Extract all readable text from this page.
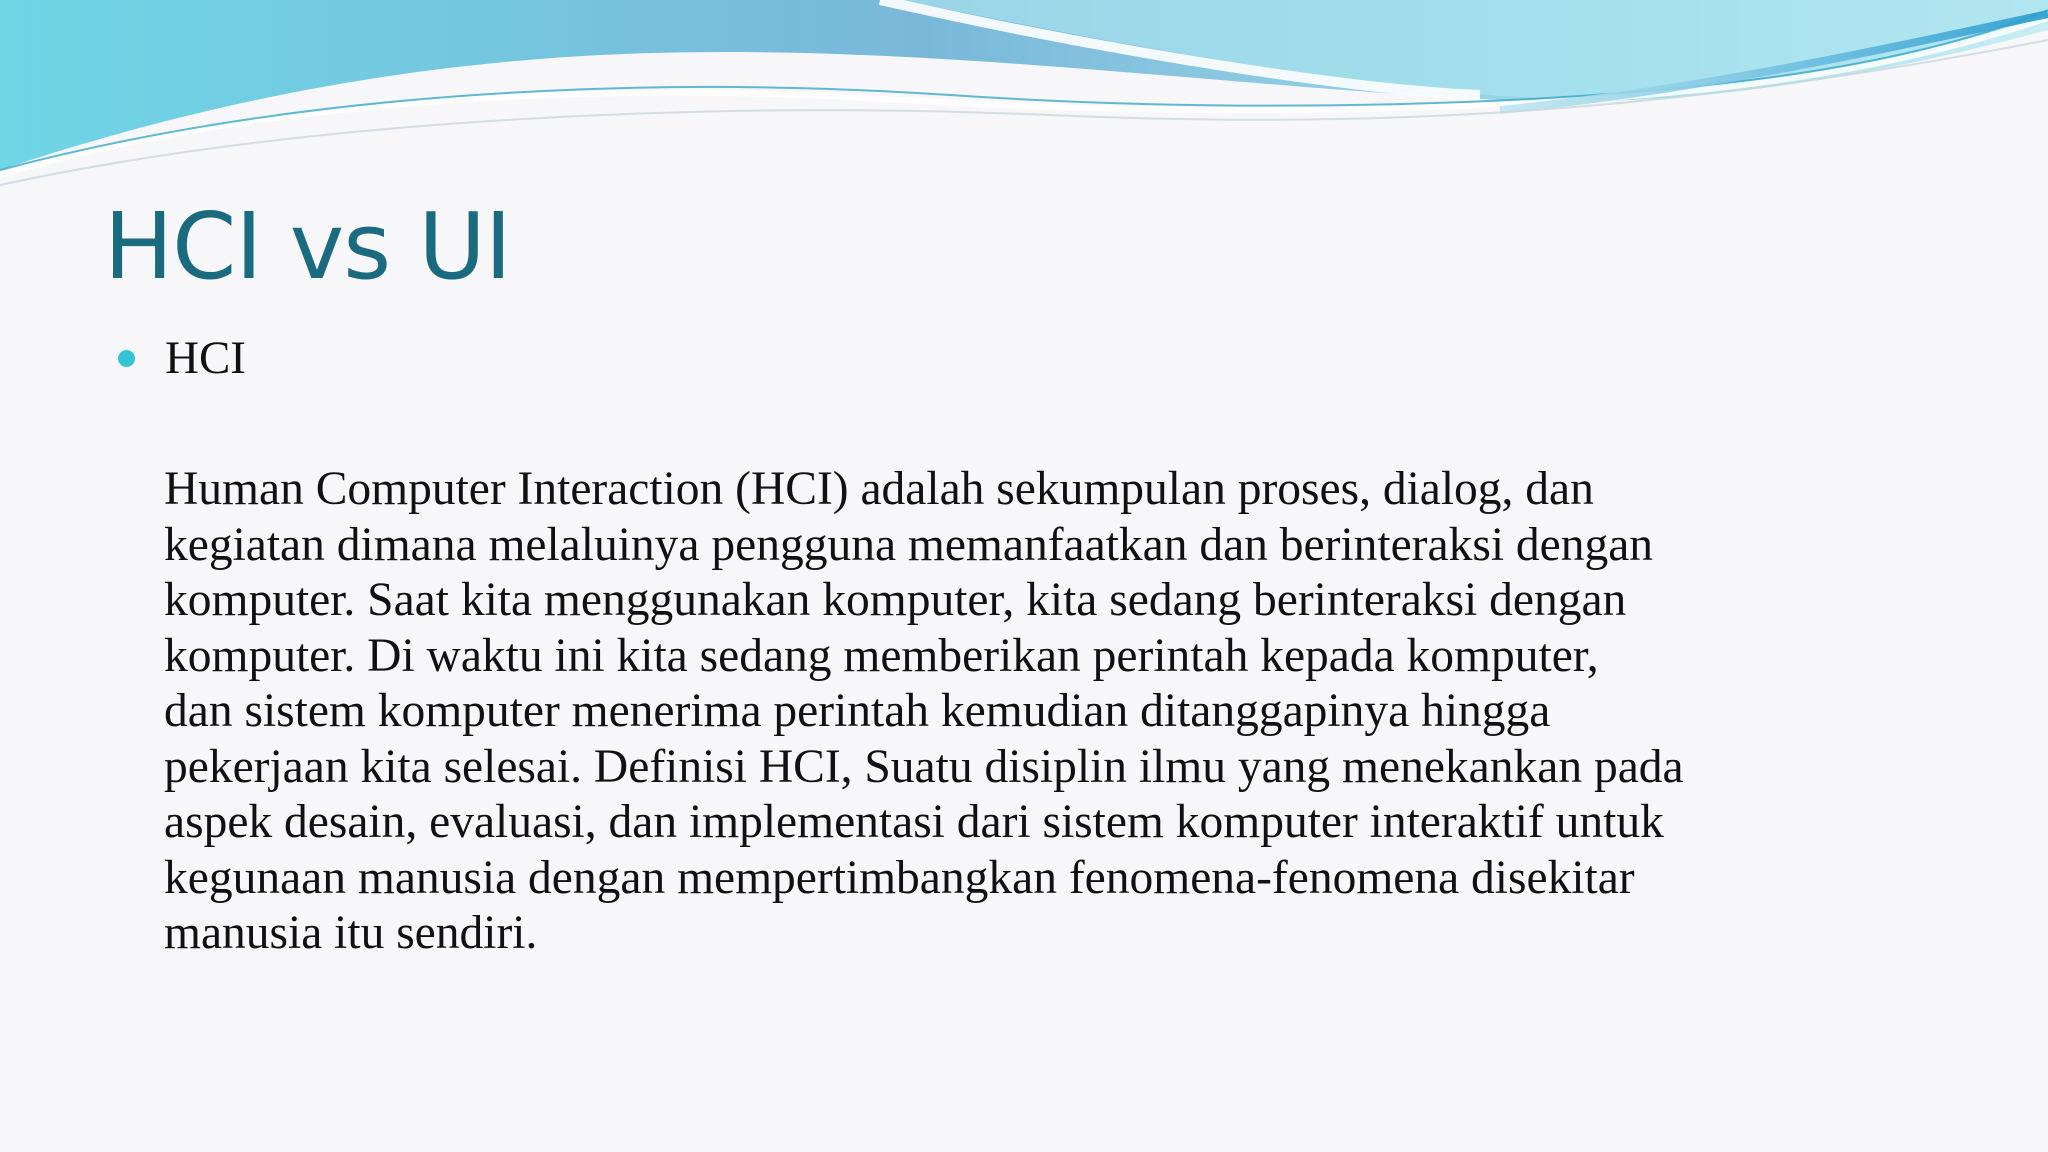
HCI vs UI
HCI
Human Computer Interaction (HCI) adalah sekumpulan proses, dialog, dan
kegiatan dimana melaluinya pengguna memanfaatkan dan berinteraksi dengan
komputer. Saat kita menggunakan komputer, kita sedang berinteraksi dengan
komputer. Di waktu ini kita sedang memberikan perintah kepada komputer,
dan sistem komputer menerima perintah kemudian ditanggapinya hingga
pekerjaan kita selesai. Definisi HCI, Suatu disiplin ilmu yang menekankan pada
aspek desain, evaluasi, dan implementasi dari sistem komputer interaktif untuk
kegunaan manusia dengan mempertimbangkan fenomena-fenomena disekitar
manusia itu sendiri.
